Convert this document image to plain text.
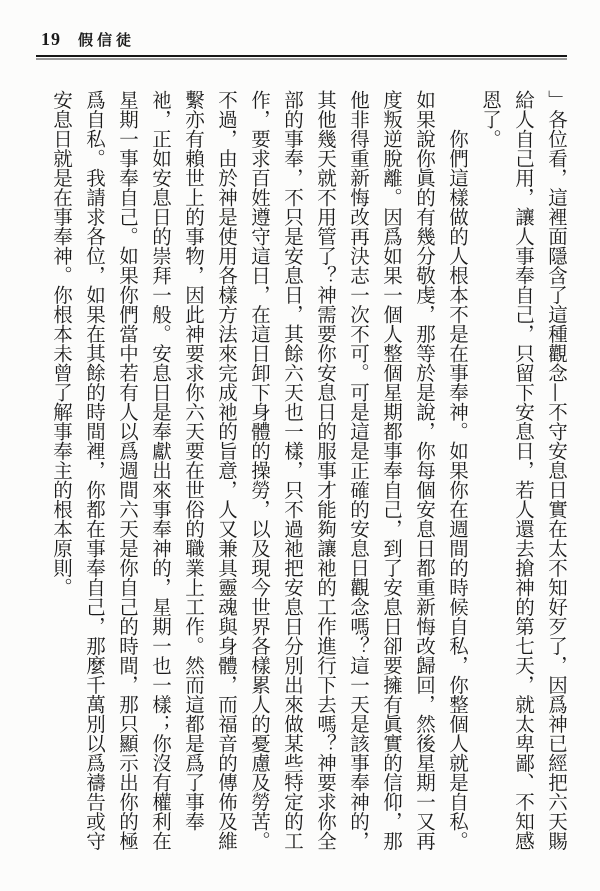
19 假信徒

」各位看，這裡面隱含了這種觀念—不守安息日實在太不知好歹了，因爲神已經把六天賜給人自己用，讓人事奉自己，只留下安息日，若人還去搶神的第七天，就太卑鄙、不知感恩了。

你們這樣做的人根本不是在事奉神。如果你在週間的時候自私，你整個人就是自私。如果說你眞的有幾分敬虔，那等於是說，你每個安息日都重新悔改歸回，然後星期一又再度叛逆脫離。因爲如果一個人整個星期都事奉自己，到了安息日卻要擁有眞實的信仰，那他非得重新悔改再決志一次不可。可是這是正確的安息日觀念嗎？這一天是該事奉神的，其他幾天就不用管了？神需要你安息日的服事才能夠讓祂的工作進行下去嗎？神要求你全部的事奉，不只是安息日，其餘六天也一樣，只不過祂把安息日分別出來做某些特定的工作，要求百姓遵守這日，在這日卸下身體的操勞，以及現今世界各樣累人的憂慮及勞苦。不過，由於神是使用各樣方法來完成祂的旨意，人又兼具靈魂與身體，而福音的傳佈及維繫亦有賴世上的事物，因此神要求你六天要在世俗的職業上工作。然而這都是爲了事奉祂，正如安息日的崇拜一般。安息日是奉獻出來事奉神的，星期一也一樣；你沒有權利在星期一事奉自己。如果你們當中若有人以爲週間六天是你自己的時間，那只顯示出你的極爲自私。我請求各位，如果在其餘的時間裡，你都在事奉自己，那麼千萬別以爲禱告或守安息日就是在事奉神。你根本未曾了解事奉主的根本原則。
